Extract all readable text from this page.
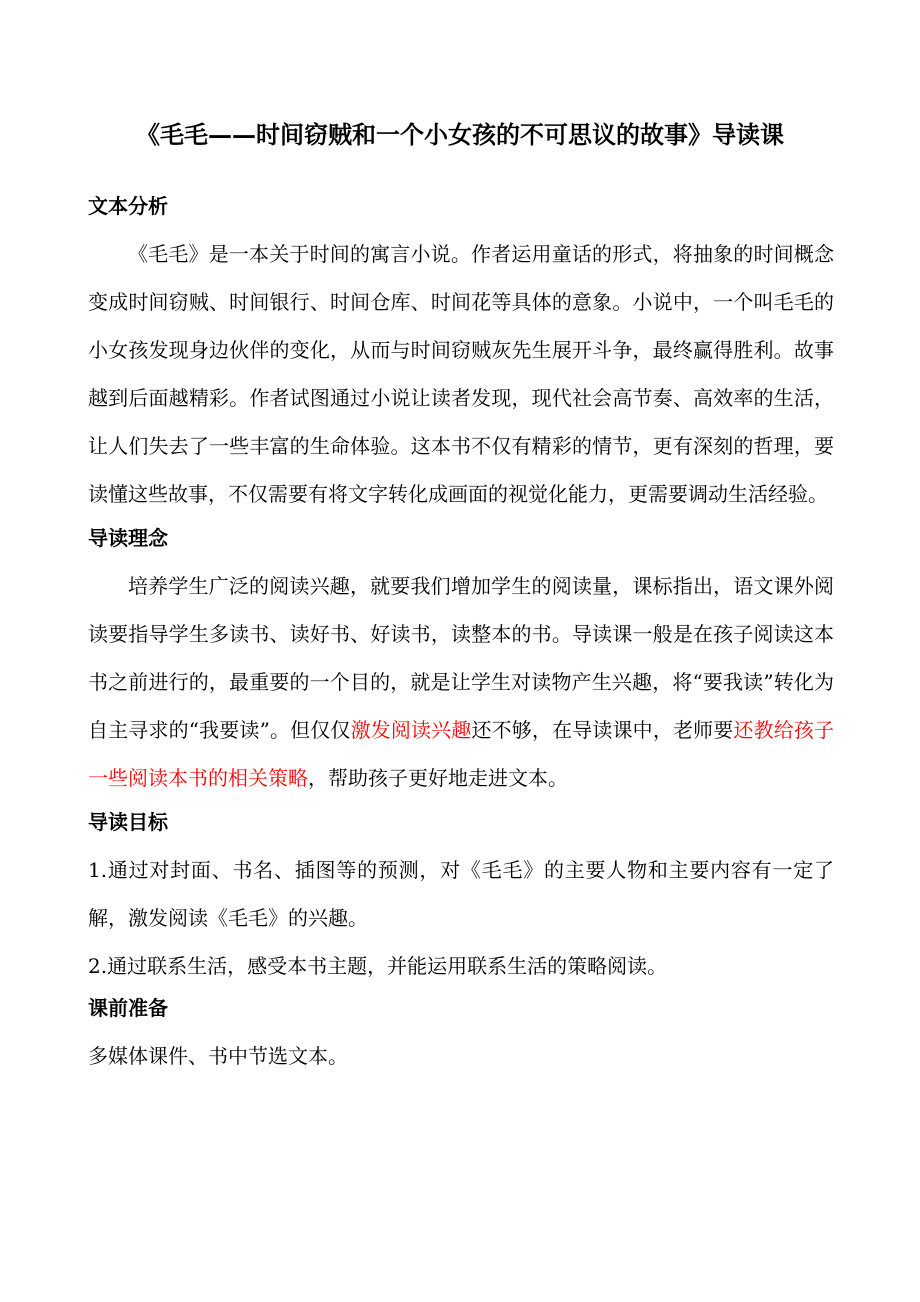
《毛毛——时间窃贼和一个小女孩的不可思议的故事》导读课
文本分析

《毛毛》是一本关于时间的寓言小说。作者运用童话的形式，将抽象的时间概念变成时间窃贼、时间银行、时间仓库、时间花等具体的意象。小说中，一个叫毛毛的小女孩发现身边伙伴的变化，从而与时间窃贼灰先生展开斗争，最终赢得胜利。故事越到后面越精彩。作者试图通过小说让读者发现，现代社会高节奏、高效率的生活，让人们失去了一些丰富的生命体验。这本书不仅有精彩的情节，更有深刻的哲理，要读懂这些故事，不仅需要有将文字转化成画面的视觉化能力，更需要调动生活经验。

导读理念

培养学生广泛的阅读兴趣，就要我们增加学生的阅读量，课标指出，语文课外阅读要指导学生多读书、读好书、好读书，读整本的书。导读课一般是在孩子阅读这本书之前进行的，最重要的一个目的，就是让学生对读物产生兴趣，将“要我读”转化为自主寻求的“我要读”。但仅仅激发阅读兴趣还不够，在导读课中，老师要还教给孩子一些阅读本书的相关策略，帮助孩子更好地走进文本。

导读目标

1.通过对封面、书名、插图等的预测，对《毛毛》的主要人物和主要内容有一定了解，激发阅读《毛毛》的兴趣。

2.通过联系生活，感受本书主题，并能运用联系生活的策略阅读。

课前准备

多媒体课件、书中节选文本。
